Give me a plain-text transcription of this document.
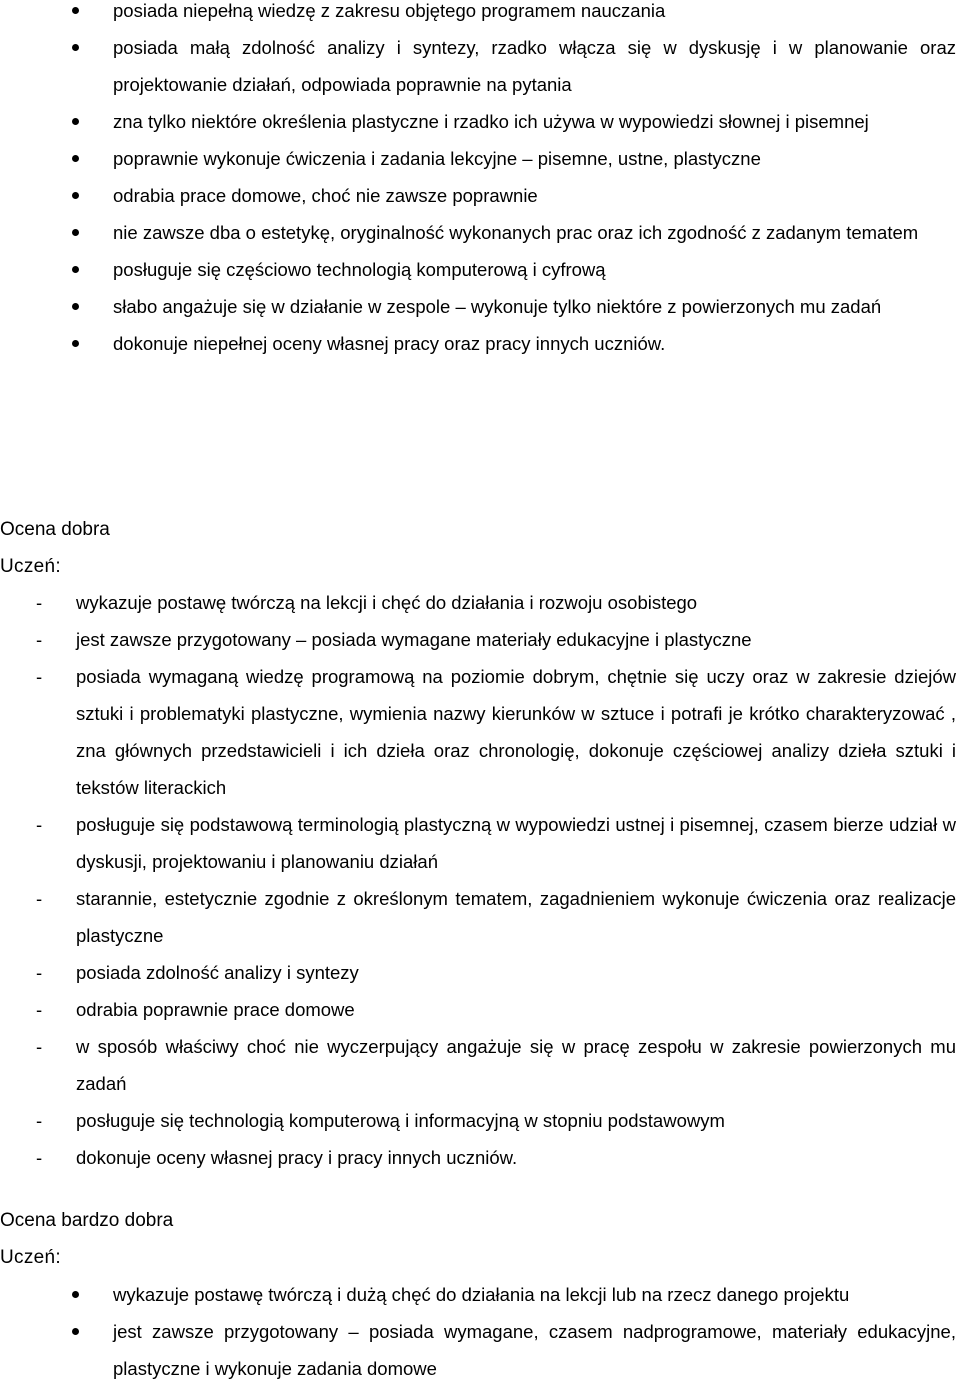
posiada niepełną wiedzę z zakresu objętego programem nauczania
posiada małą zdolność analizy i syntezy, rzadko włącza się w dyskusję i w planowanie oraz projektowanie działań, odpowiada poprawnie na pytania
zna tylko niektóre określenia plastyczne i rzadko ich używa w wypowiedzi słownej i pisemnej
poprawnie wykonuje ćwiczenia i zadania lekcyjne – pisemne, ustne, plastyczne
odrabia prace domowe, choć nie zawsze poprawnie
nie zawsze dba o estetykę, oryginalność wykonanych prac oraz ich zgodność z zadanym tematem
posługuje się częściowo technologią komputerową i cyfrową
słabo angażuje się w działanie w zespole – wykonuje tylko niektóre z powierzonych mu zadań
dokonuje niepełnej oceny własnej pracy oraz pracy innych uczniów.
Ocena dobra
Uczeń:
- wykazuje postawę twórczą na lekcji i chęć do działania i rozwoju osobistego
- jest zawsze przygotowany – posiada wymagane materiały edukacyjne i plastyczne
- posiada wymaganą wiedzę programową na poziomie dobrym, chętnie się uczy oraz w zakresie dziejów sztuki i problematyki plastyczne, wymienia nazwy kierunków w sztuce i potrafi je krótko charakteryzować , zna głównych przedstawicieli i ich dzieła oraz chronologię, dokonuje częściowej analizy dzieła sztuki i tekstów literackich
- posługuje się podstawową terminologią plastyczną w wypowiedzi ustnej i pisemnej, czasem bierze udział w dyskusji, projektowaniu i planowaniu działań
- starannie, estetycznie zgodnie z określonym tematem, zagadnieniem wykonuje ćwiczenia oraz realizacje plastyczne
- posiada zdolność analizy i syntezy
- odrabia poprawnie prace domowe
- w sposób właściwy choć nie wyczerpujący angażuje się w pracę zespołu w zakresie powierzonych mu zadań
- posługuje się technologią komputerową i informacyjną w stopniu podstawowym
- dokonuje oceny własnej pracy i pracy innych uczniów.
Ocena bardzo dobra
Uczeń:
wykazuje postawę twórczą i dużą chęć do działania na lekcji lub na rzecz danego projektu
jest zawsze przygotowany – posiada wymagane, czasem nadprogramowe, materiały edukacyjne, plastyczne i wykonuje zadania domowe
